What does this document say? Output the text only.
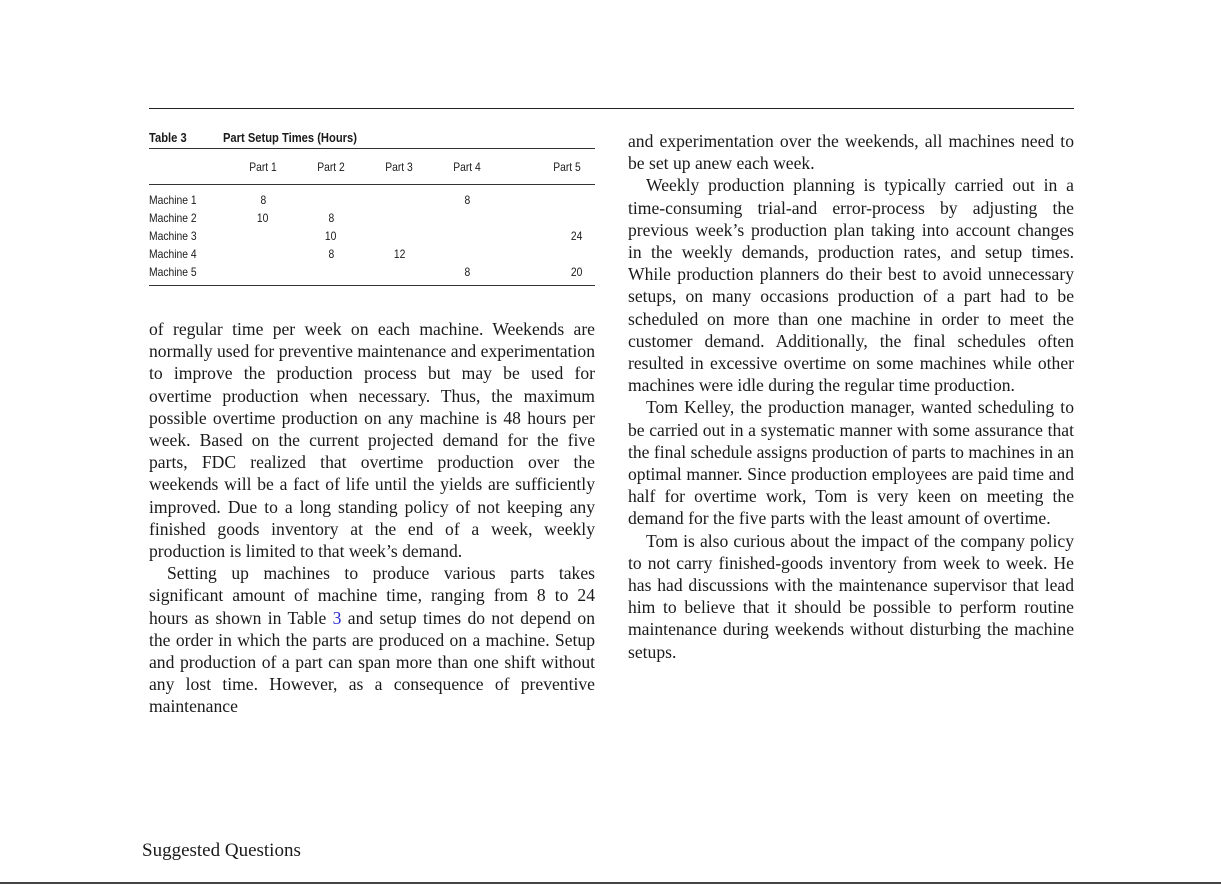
Table 3	Part Setup Times (Hours)
	Part 1	Part 2	Part 3	Part 4	Part 5
Machine 1	8			8	
Machine 2	10	8			
Machine 3		10			24
Machine 4		8	12		
Machine 5				8	20

of regular time per week on each machine. Weekends are normally used for preventive maintenance and experimentation to improve the production process but may be used for overtime production when necessary. Thus, the maximum possible overtime production on any machine is 48 hours per week. Based on the current projected demand for the five parts, FDC realized that overtime production over the weekends will be a fact of life until the yields are sufficiently improved. Due to a long standing policy of not keeping any finished goods inventory at the end of a week, weekly production is limited to that week’s demand.

Setting up machines to produce various parts takes significant amount of machine time, ranging from 8 to 24 hours as shown in Table 3 and setup times do not depend on the order in which the parts are produced on a machine. Setup and production of a part can span more than one shift without any lost time. However, as a consequence of preventive maintenance

and experimentation over the weekends, all machines need to be set up anew each week.

Weekly production planning is typically carried out in a time-consuming trial-and error-process by adjusting the previous week’s production plan taking into account changes in the weekly demands, production rates, and setup times. While production planners do their best to avoid unnecessary setups, on many occasions production of a part had to be scheduled on more than one machine in order to meet the customer demand. Additionally, the final schedules often resulted in excessive overtime on some machines while other machines were idle during the regular time production.

Tom Kelley, the production manager, wanted scheduling to be carried out in a systematic manner with some assurance that the final schedule assigns production of parts to machines in an optimal manner. Since production employees are paid time and half for overtime work, Tom is very keen on meeting the demand for the five parts with the least amount of overtime.

Tom is also curious about the impact of the company policy to not carry finished-goods inventory from week to week. He has had discussions with the maintenance supervisor that lead him to believe that it should be possible to perform routine maintenance during weekends without disturbing the machine setups.

Suggested Questions
